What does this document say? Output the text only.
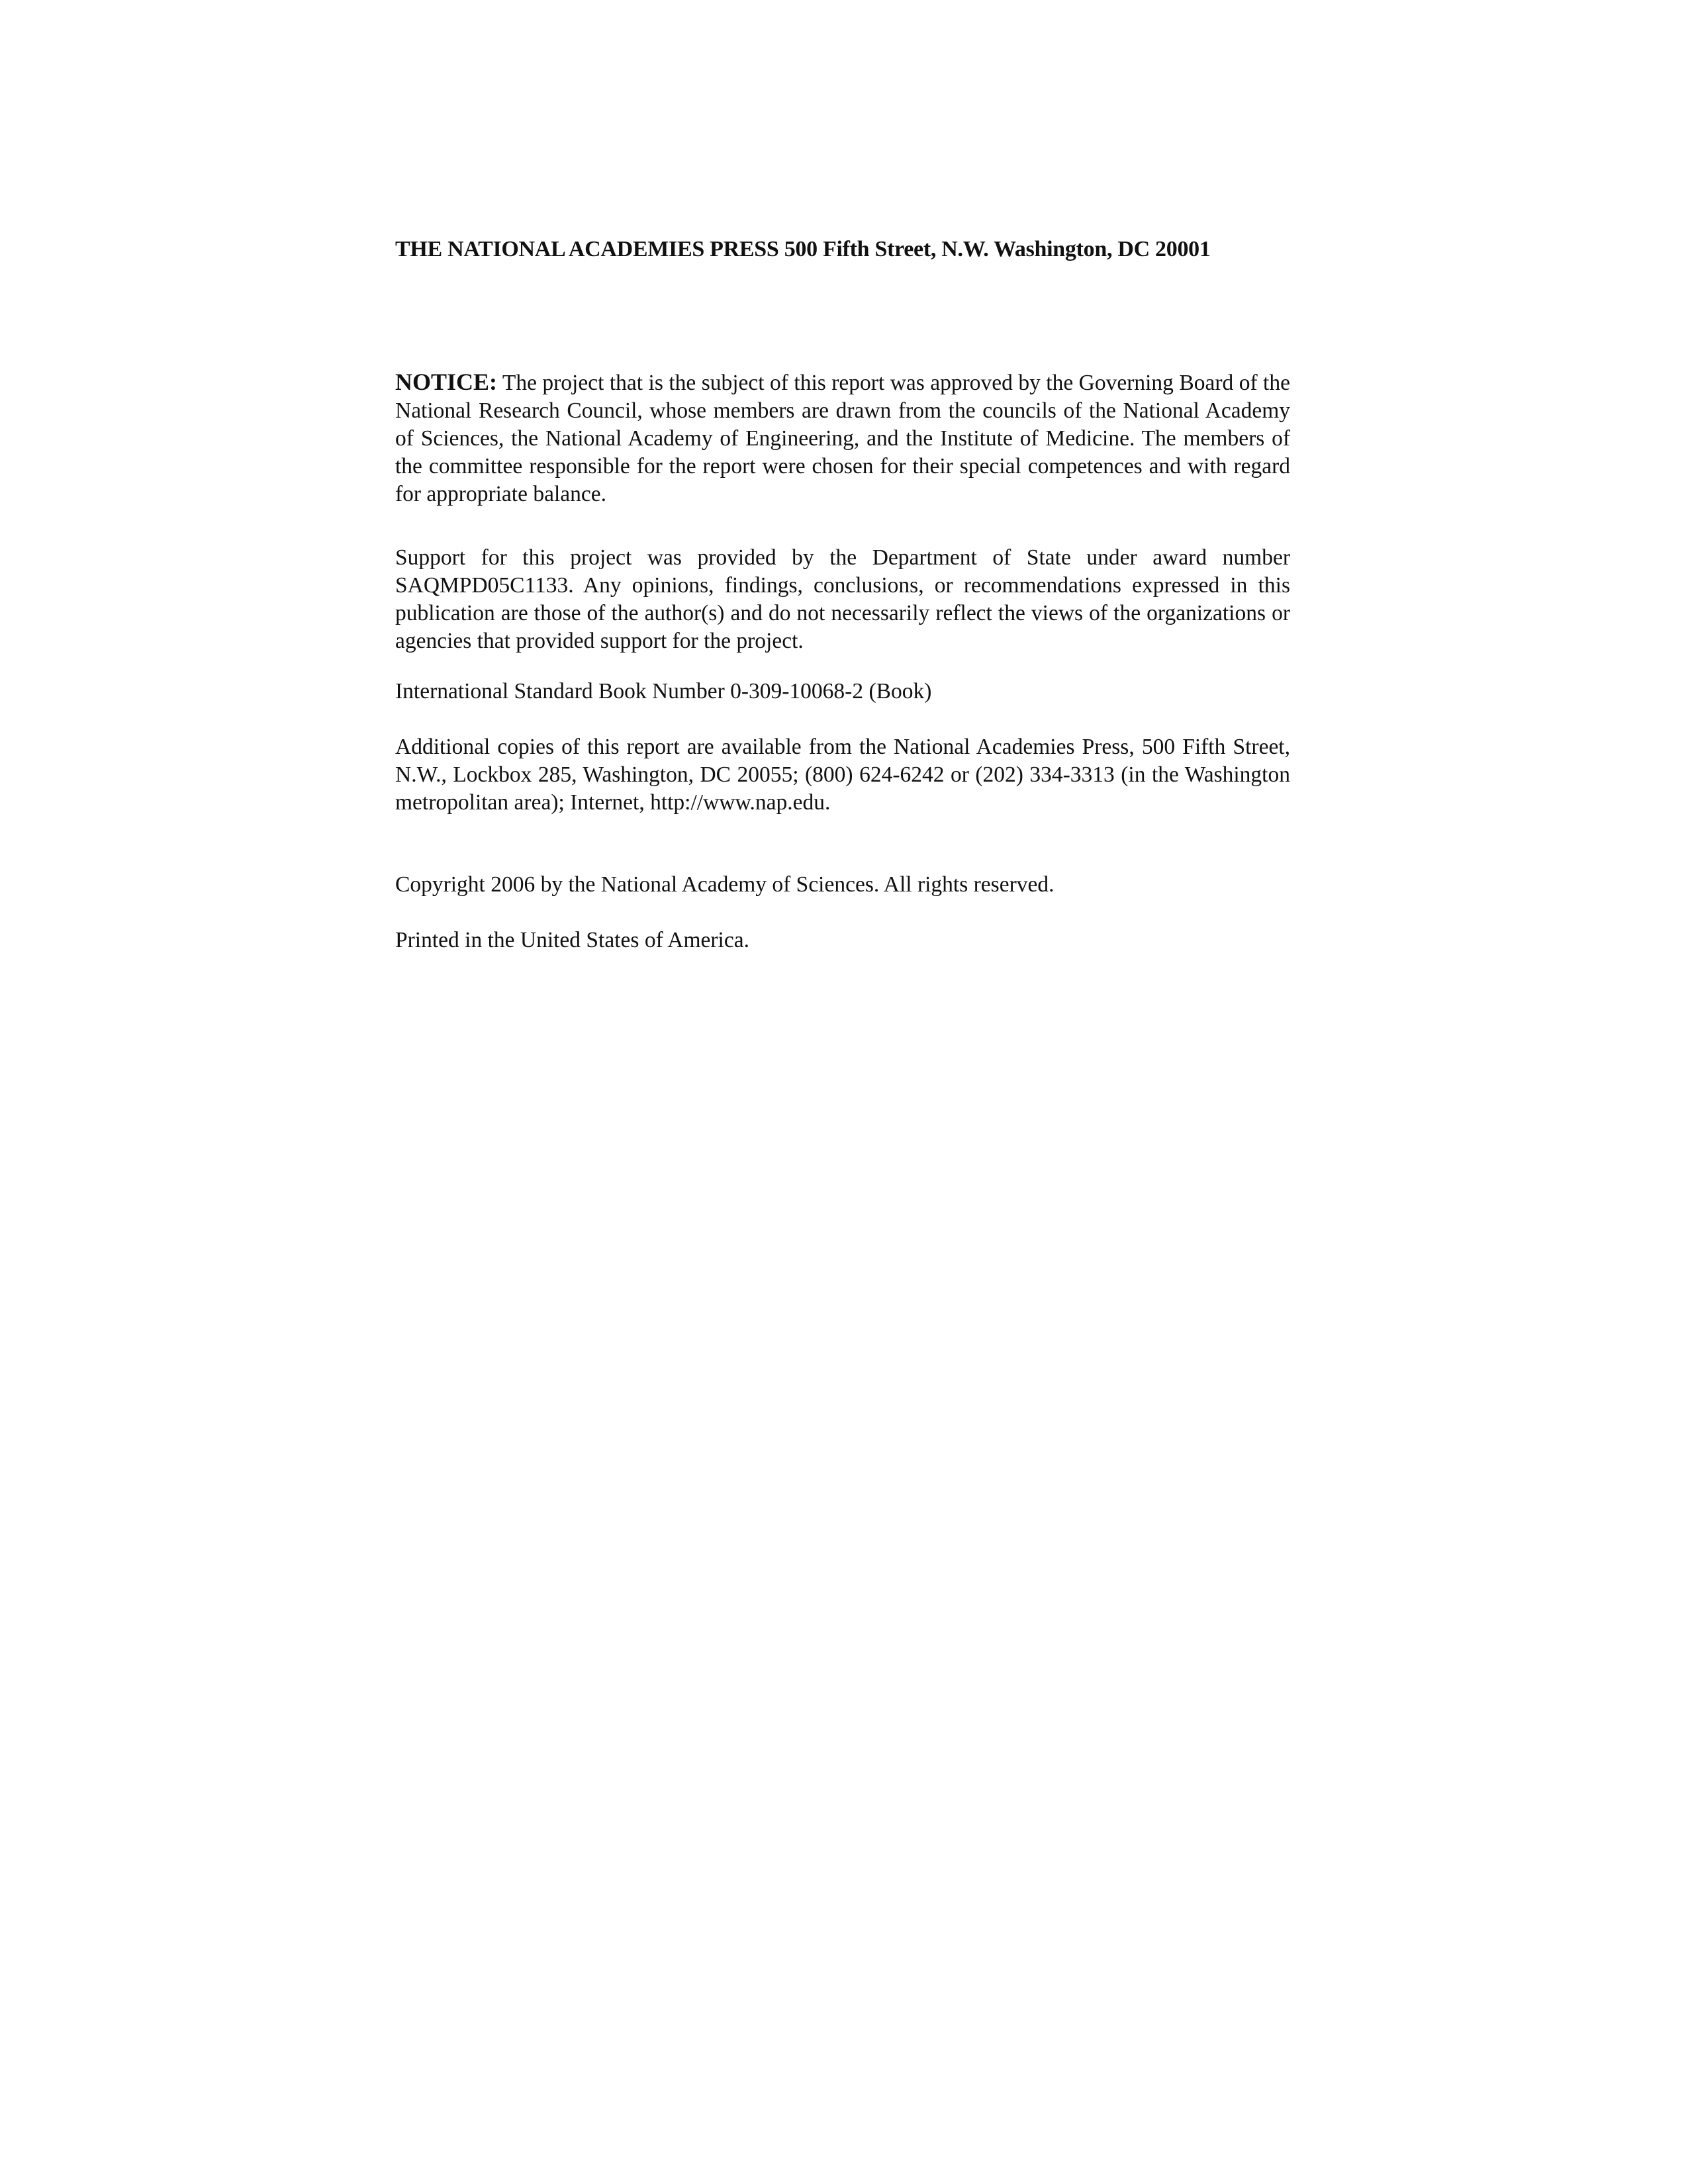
THE NATIONAL ACADEMIES PRESS 500 Fifth Street, N.W. Washington, DC 20001

NOTICE: The project that is the subject of this report was approved by the Governing Board of the National Research Council, whose members are drawn from the councils of the National Academy of Sciences, the National Academy of Engineering, and the Institute of Medicine. The members of the committee responsible for the report were chosen for their special competences and with regard for appropriate balance.

Support for this project was provided by the Department of State under award number SAQMPD05C1133. Any opinions, findings, conclusions, or recommendations expressed in this publication are those of the author(s) and do not necessarily reflect the views of the organizations or agencies that provided support for the project.

International Standard Book Number 0-309-10068-2 (Book)

Additional copies of this report are available from the National Academies Press, 500 Fifth Street, N.W., Lockbox 285, Washington, DC 20055; (800) 624-6242 or (202) 334-3313 (in the Washington metropolitan area); Internet, http://www.nap.edu.

Copyright 2006 by the National Academy of Sciences. All rights reserved.

Printed in the United States of America.
